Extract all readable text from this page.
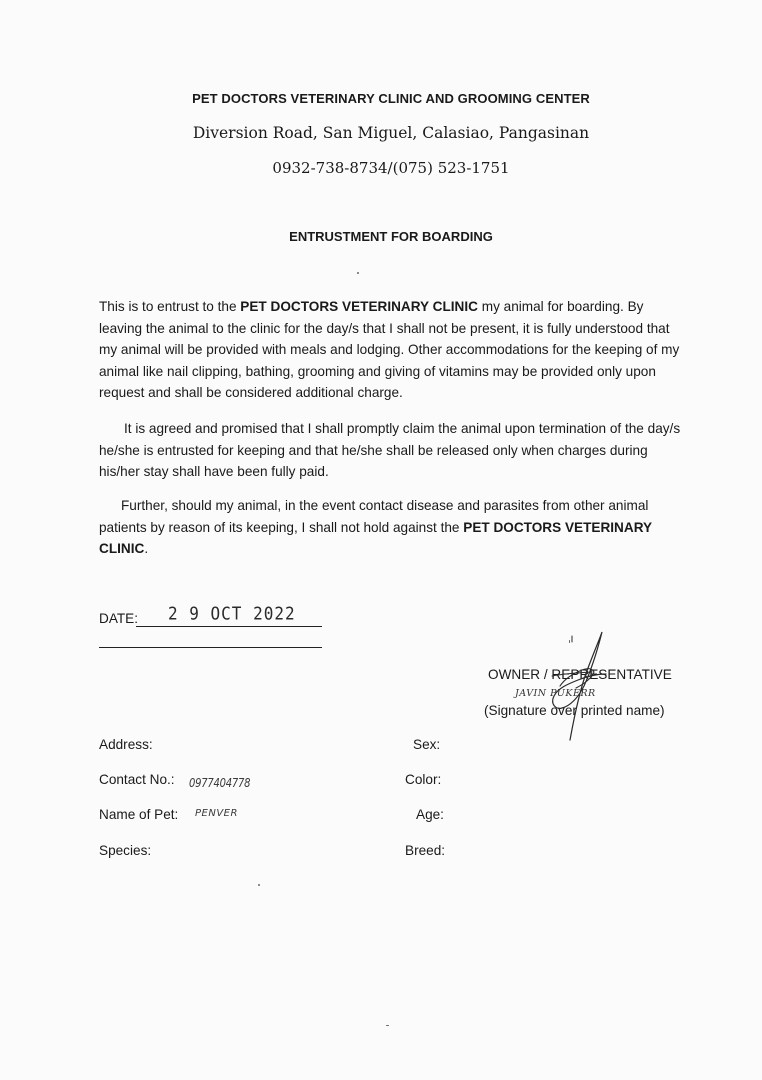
PET DOCTORS VETERINARY CLINIC AND GROOMING CENTER
Diversion Road, San Miguel, Calasiao, Pangasinan
0932-738-8734/(075) 523-1751
ENTRUSTMENT FOR BOARDING

This is to entrust to the PET DOCTORS VETERINARY CLINIC my animal for boarding. By leaving the animal to the clinic for the day/s that I shall not be present, it is fully understood that my animal will be provided with meals and lodging. Other accommodations for the keeping of my animal like nail clipping, bathing, grooming and giving of vitamins may be provided only upon request and shall be considered additional charge.

It is agreed and promised that I shall promptly claim the animal upon termination of the day/s he/she is entrusted for keeping and that he/she shall be released only when charges during his/her stay shall have been fully paid.

Further, should my animal, in the event contact disease and parasites from other animal patients by reason of its keeping, I shall not hold against the PET DOCTORS VETERINARY CLINIC.

DATE: 2 9 OCT 2022
OWNER / REPRESENTATIVE
JAVIN PUKERR
(Signature over printed name)
Address:
Contact No.: 0977404778
Name of Pet: PENVER
Species:
Sex:
Color:
Age:
Breed:
